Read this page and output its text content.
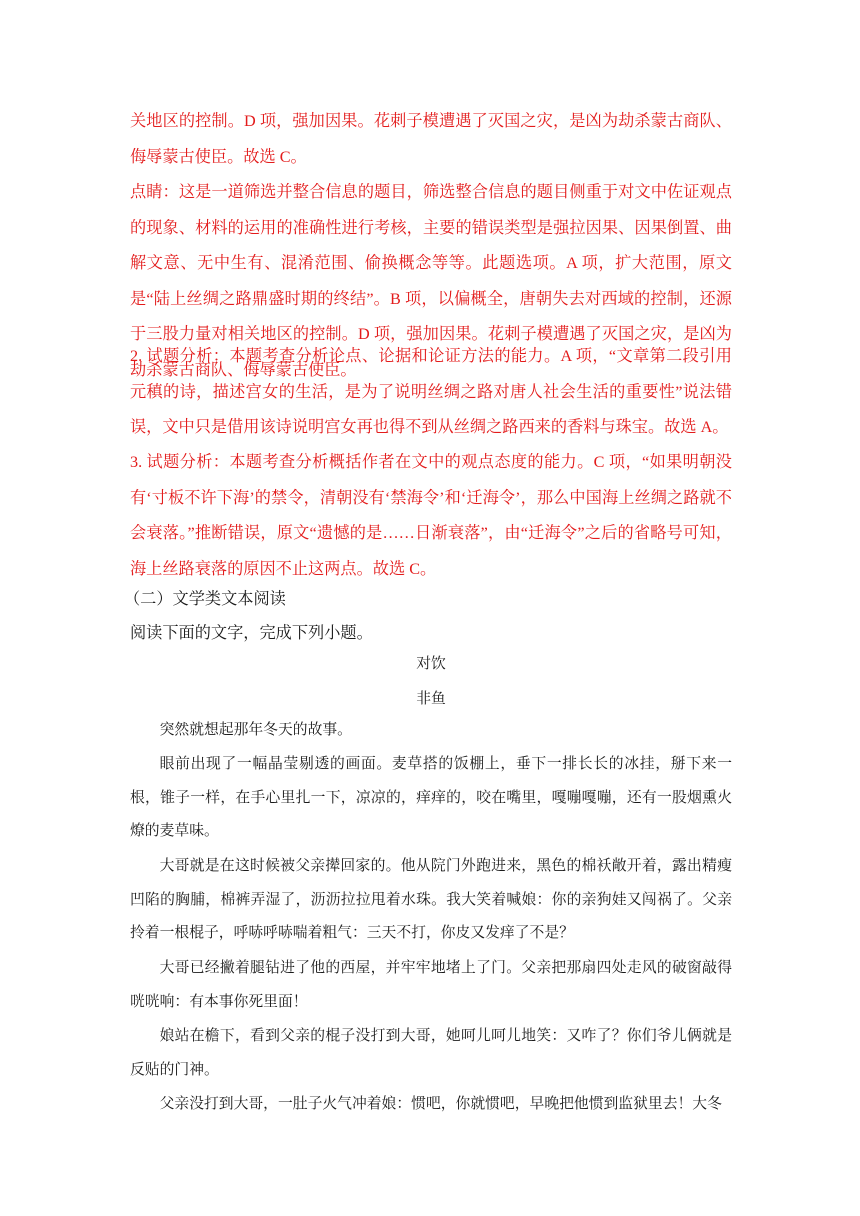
关地区的控制。D 项，强加因果。花刺子模遭遇了灭国之灾，是凶为劫杀蒙古商队、侮辱蒙古使臣。故选 C。

点睛：这是一道筛选并整合信息的题目，筛选整合信息的题目侧重于对文中佐证观点的现象、材料的运用的准确性进行考核，主要的错误类型是强拉因果、因果倒置、曲解文意、无中生有、混淆范围、偷换概念等等。此题选项。A 项，扩大范围，原文是“陆上丝绸之路鼎盛时期的终结”。B 项，以偏概全，唐朝失去对西域的控制，还源于三股力量对相关地区的控制。D 项，强加因果。花刺子模遭遇了灭国之灾，是凶为劫杀蒙古商队、侮辱蒙古使臣。

2. 试题分析：本题考查分析论点、论据和论证方法的能力。A 项，“文章第二段引用元稹的诗，描述宫女的生活，是为了说明丝绸之路对唐人社会生活的重要性”说法错误，文中只是借用该诗说明宫女再也得不到从丝绸之路西来的香料与珠宝。故选 A。

3. 试题分析：本题考查分析概括作者在文中的观点态度的能力。C 项，“如果明朝没有‘寸板不许下海’的禁令，清朝没有‘禁海令’和‘迁海令’，那么中国海上丝绸之路就不会衰落。”推断错误，原文“遗憾的是……日渐衰落”，由“迁海令”之后的省略号可知，海上丝路衰落的原因不止这两点。故选 C。

（二）文学类文本阅读

阅读下面的文字，完成下列小题。

对饮

非鱼

突然就想起那年冬天的故事。

眼前出现了一幅晶莹剔透的画面。麦草搭的饭棚上，垂下一排长长的冰挂，掰下来一根，锥子一样，在手心里扎一下，凉凉的，痒痒的，咬在嘴里，嘎嘣嘎嘣，还有一股烟熏火燎的麦草味。

大哥就是在这时候被父亲撵回家的。他从院门外跑进来，黑色的棉袄敞开着，露出精瘦凹陷的胸脯，棉裤弄湿了，沥沥拉拉甩着水珠。我大笑着喊娘：你的亲狗娃又闯祸了。父亲拎着一根棍子，呼哧呼哧喘着粗气：三天不打，你皮又发痒了不是？

大哥已经撇着腿钻进了他的西屋，并牢牢地堵上了门。父亲把那扇四处走风的破窗敲得咣咣响：有本事你死里面！

娘站在檐下，看到父亲的棍子没打到大哥，她呵儿呵儿地笑：又咋了？你们爷儿俩就是反贴的门神。

父亲没打到大哥，一肚子火气冲着娘：惯吧，你就惯吧，早晚把他惯到监狱里去！大冬
